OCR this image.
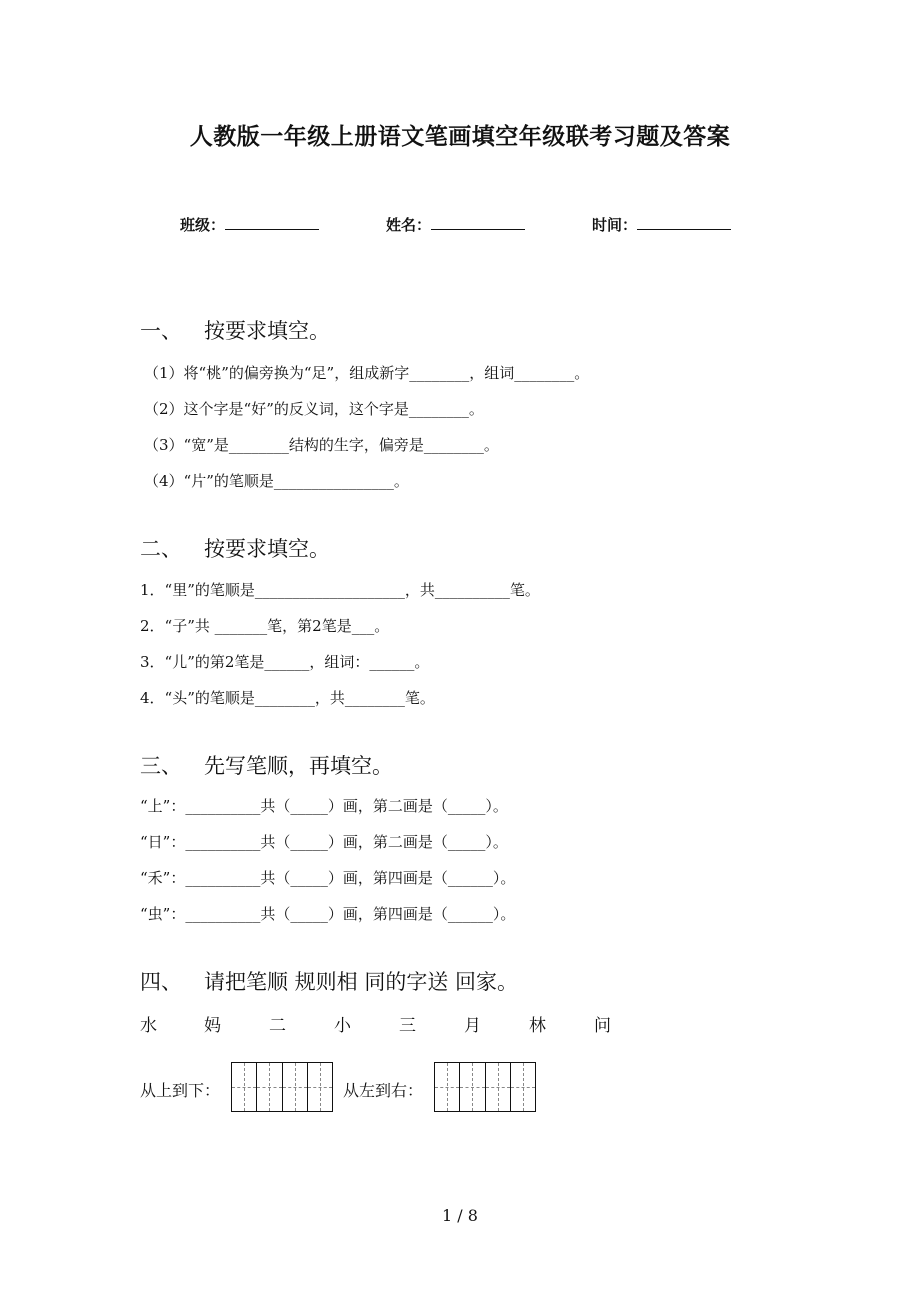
人教版一年级上册语文笔画填空年级联考习题及答案
班级：	姓名：	时间：
一、 按要求填空。
（1）将“桃”的偏旁换为“足”，组成新字________，组词________。
（2）这个字是“好”的反义词，这个字是________。
（3）“宽”是________结构的生字，偏旁是________。
（4）“片”的笔顺是________________。
二、 按要求填空。
1．“里”的笔顺是____________________，共__________笔。
2．“子”共 _______笔，第2笔是___。
3．“儿”的第2笔是______，组词：______。
4．“头”的笔顺是________，共________笔。
三、 先写笔顺，再填空。
“上”：__________共（_____）画，第二画是（_____）。
“日”：__________共（_____）画，第二画是（_____）。
“禾”：__________共（_____）画，第四画是（______）。
“虫”：__________共（_____）画，第四画是（______）。
四、 请把笔顺 规则相 同的字送 回家。
水	妈	二	小	三	月	林	问
从上到下：	从左到右：
1 / 8
